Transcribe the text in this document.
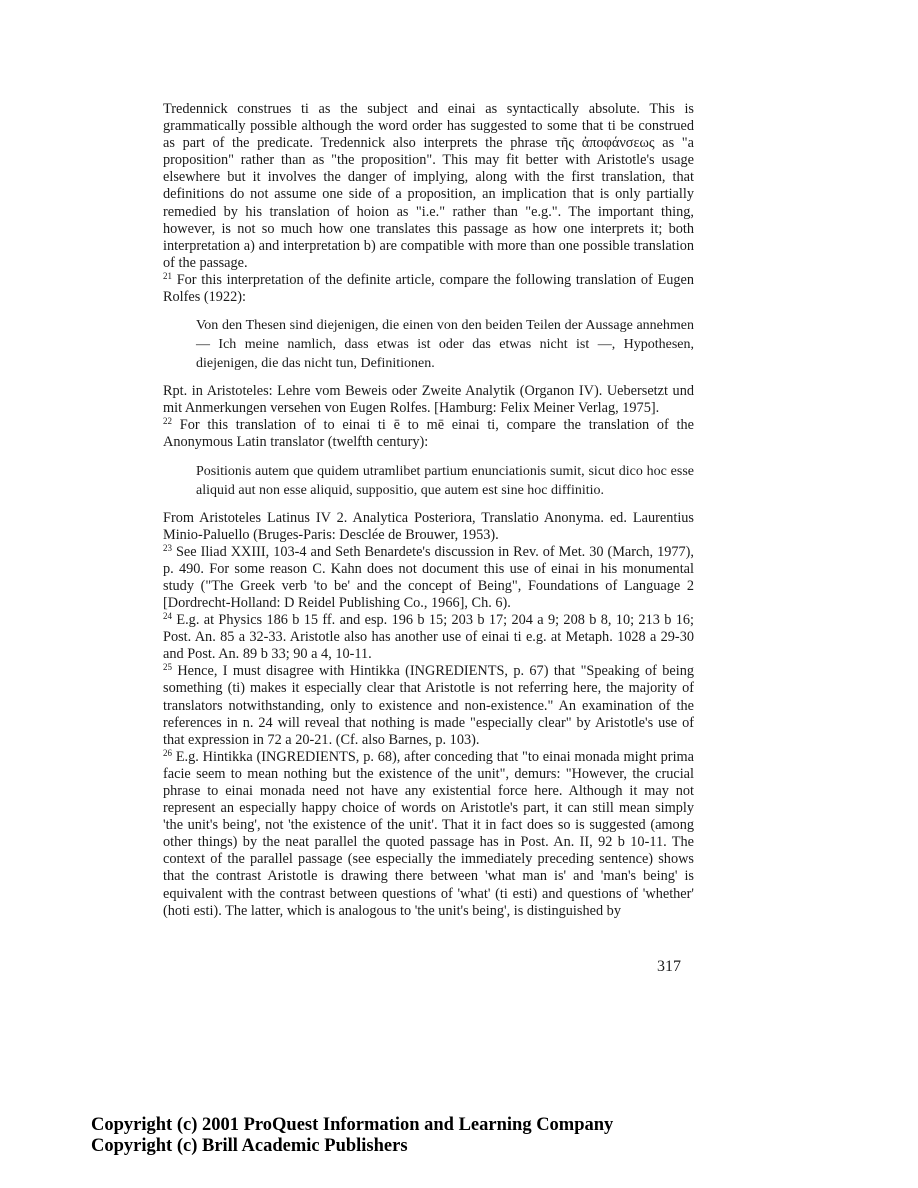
Tredennick construes ti as the subject and einai as syntactically absolute. This is grammatically possible although the word order has suggested to some that ti be construed as part of the predicate. Tredennick also interprets the phrase τῆς ἀποφάνσεως as "a proposition" rather than as "the proposition". This may fit better with Aristotle's usage elsewhere but it involves the danger of implying, along with the first translation, that definitions do not assume one side of a proposition, an implication that is only partially remedied by his translation of hoion as "i.e." rather than "e.g.". The important thing, however, is not so much how one translates this passage as how one interprets it; both interpretation a) and interpretation b) are compatible with more than one possible translation of the passage.

$^{21}$ For this interpretation of the definite article, compare the following translation of Eugen Rolfes (1922):

Von den Thesen sind diejenigen, die einen von den beiden Teilen der Aussage annehmen — Ich meine namlich, dass etwas ist oder das etwas nicht ist —, Hypothesen, diejenigen, die das nicht tun, Definitionen.

Rpt. in Aristoteles: Lehre vom Beweis oder Zweite Analytik (Organon IV). Uebersetzt und mit Anmerkungen versehen von Eugen Rolfes. [Hamburg: Felix Meiner Verlag, 1975].

$^{22}$ For this translation of to einai ti ē to mē einai ti, compare the translation of the Anonymous Latin translator (twelfth century):

Positionis autem que quidem utramlibet partium enunciationis sumit, sicut dico hoc esse aliquid aut non esse aliquid, suppositio, que autem est sine hoc diffinitio.

From Aristoteles Latinus IV 2. Analytica Posteriora, Translatio Anonyma. ed. Laurentius Minio-Paluello (Bruges-Paris: Desclée de Brouwer, 1953).

$^{23}$ See Iliad XXIII, 103-4 and Seth Benardete's discussion in Rev. of Met. 30 (March, 1977), p. 490. For some reason C. Kahn does not document this use of einai in his monumental study ("The Greek verb 'to be' and the concept of Being", Foundations of Language 2 [Dordrecht-Holland: D Reidel Publishing Co., 1966], Ch. 6).

$^{24}$ E.g. at Physics 186 b 15 ff. and esp. 196 b 15; 203 b 17; 204 a 9; 208 b 8, 10; 213 b 16; Post. An. 85 a 32-33. Aristotle also has another use of einai ti e.g. at Metaph. 1028 a 29-30 and Post. An. 89 b 33; 90 a 4, 10-11.

$^{25}$ Hence, I must disagree with Hintikka (INGREDIENTS, p. 67) that "Speaking of being something (ti) makes it especially clear that Aristotle is not referring here, the majority of translators notwithstanding, only to existence and non-existence." An examination of the references in n. 24 will reveal that nothing is made "especially clear" by Aristotle's use of that expression in 72 a 20-21. (Cf. also Barnes, p. 103).

$^{26}$ E.g. Hintikka (INGREDIENTS, p. 68), after conceding that "to einai monada might prima facie seem to mean nothing but the existence of the unit", demurs: "However, the crucial phrase to einai monada need not have any existential force here. Although it may not represent an especially happy choice of words on Aristotle's part, it can still mean simply 'the unit's being', not 'the existence of the unit'. That it in fact does so is suggested (among other things) by the neat parallel the quoted passage has in Post. An. II, 92 b 10-11. The context of the parallel passage (see especially the immediately preceding sentence) shows that the contrast Aristotle is drawing there between 'what man is' and 'man's being' is equivalent with the contrast between questions of 'what' (ti esti) and questions of 'whether' (hoti esti). The latter, which is analogous to 'the unit's being', is distinguished by

317
Copyright (c) 2001 ProQuest Information and Learning Company
Copyright (c) Brill Academic Publishers
